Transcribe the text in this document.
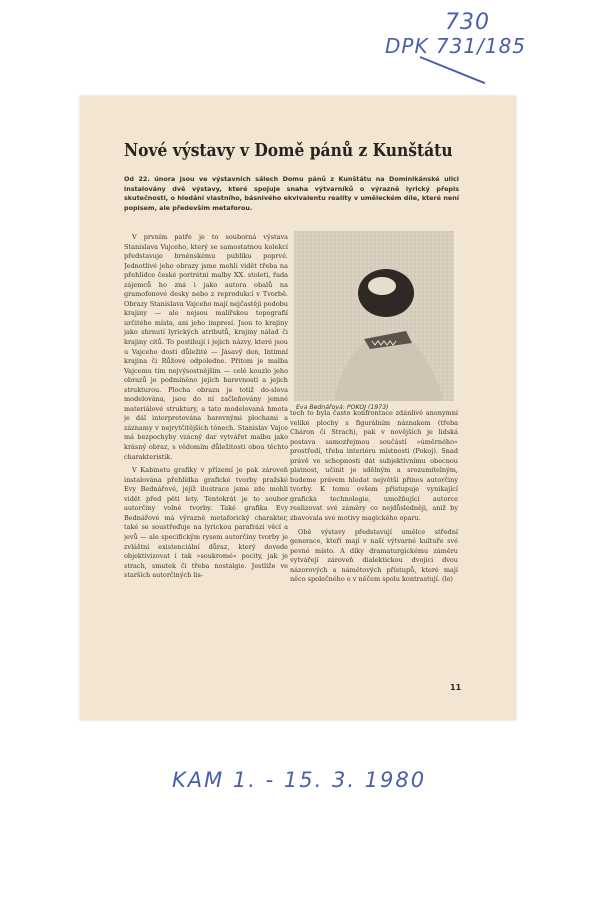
730
DPK 731/185
Nové výstavy v Domě pánů z Kunštátu
Od 22. února jsou ve výstavních sálech Domu pánů z Kunštátu na Dominikánské ulici instalovány dvě výstavy, které spojuje snaha výtvarníků o výrazně lyrický přepis skutečnosti, o hledání vlastního, básnivého ekvivalentu reality v uměleckém díle, které není popisem, ale především metaforou.

V prvním patře je to souborná výstava Stanislava Vajceho, který se samostatnou kolekcí představuje brněnskému publiku poprvé. Jednotlivé jeho obrazy jsme mohli vidět třeba na přehlídce české portrétní malby XX. století, řada zájemců ho zná i jako autora obalů na gramofonové desky nebo z reprodukcí v Tvorbě. Obrazy Stanislava Vajceho mají nejčastěji podobu krajiny — ale nejsou malířskou topografií určitého místa, ani jeho impresí. Jsou to krajiny jako shrnutí lyrických atributů, krajiny nálad či krajiny citů. To postihují i jejich názvy, které jsou u Vajceho dosti důležité — Jásavý den, Intimní krajina či Růžové odpoledne. Přitom je malba Vajcemu tím nejvýsostnějším — celé kouzlo jeho obrazů je podmíněno jejich barevností a jejich strukturou. Plocha obrazu je totiž do-slova modelována, jsou do ní začleňovány jemné materiálové struktury, a tato modelovaná hmota je dál interpretována barevnými plochami a záznamy v nejrytčitějších tónech. Stanislav Vajce má bezpochyby vzácný dar vytvářet malbu jako krásný obraz, s vědomím důležitosti obou těchto charakteristik.

V Kabinetu grafiky v přízemí je pak zároveň instalována přehlídka grafické tvorby pražské Evy Bednářové, jejíž ilustrace jsme zde mohli vidět před pěti lety. Tentokrát je to soubor autorčiny volné tvorby. Také grafika Evy Bednářové má výrazně metaforický charakter, také se soustřeďuje na lyrickou parafrázi věcí a jevů — ale specifickým rysem autorčiny tvorby je zvláštní existenciální důraz, který dovede objektivizovat i tak »soukromé« pocity, jak je strach, smutek či třeba nostalgie. Jestliže ve starších autorčiných lis-

Eva Bednářová: POKOJ (1973)

tech to byla často konfrontace zdánlivě anonymní veliké plochy s figurálním náznakem (třeba Cháron či Strach), pak v novějších je lidská postava samozřejmou součástí »úměrného« prostředí, třeba interiéru místnosti (Pokoj). Snad právě ve schopnosti dát subjektivnímu obecnou platnost, učinit je sdělným a srozumitelným, budeme právem hledat největší přínos autorčiny tvorby. K tomu ovšem přistupuje vynikající grafická technologie, umožňující autorce realizovat své záměry co nejdůsledněji, aniž by zbavovala své motivy magického oparu.

Obě výstavy představují umělce střední generace, kteří mají v naší výtvarné kultuře své pevné místo. A díky dramaturgickému záměru vytvářejí zároveň dialektickou dvojici dvou názorových a námětových přístupů, které mají něco společného e v něčem spolu kontrastují. (le)

11
KAM 1. - 15. 3. 1980
